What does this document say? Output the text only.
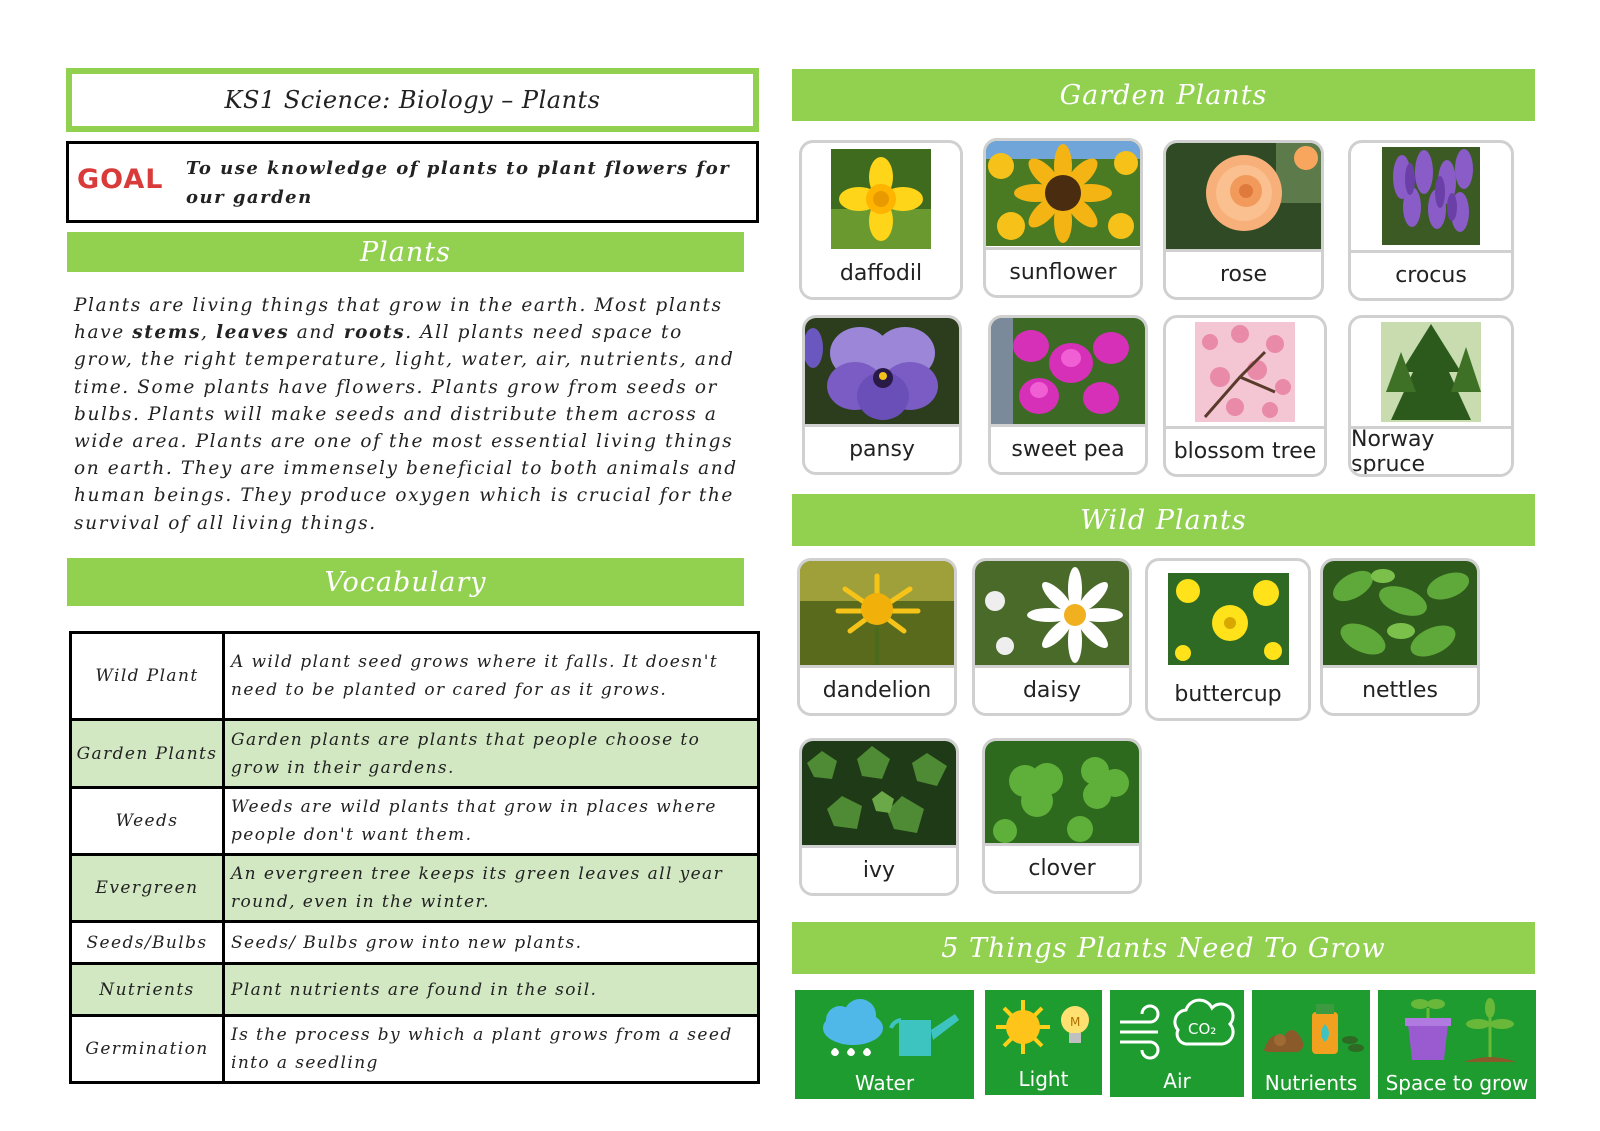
KS1 Science: Biology – Plants
GOAL To use knowledge of plants to plant flowers for our garden
Plants
Plants are living things that grow in the earth. Most plants have stems, leaves and roots. All plants need space to grow, the right temperature, light, water, air, nutrients, and time. Some plants have flowers. Plants grow from seeds or bulbs. Plants will make seeds and distribute them across a wide area. Plants are one of the most essential living things on earth. They are immensely beneficial to both animals and human beings. They produce oxygen which is crucial for the survival of all living things.
Vocabulary
Wild Plant	A wild plant seed grows where it falls. It doesn't need to be planted or cared for as it grows.
Garden Plants	Garden plants are plants that people choose to grow in their gardens.
Weeds	Weeds are wild plants that grow in places where people don't want them.
Evergreen	An evergreen tree keeps its green leaves all year round, even in the winter.
Seeds/Bulbs	Seeds/ Bulbs grow into new plants.
Nutrients	Plant nutrients are found in the soil.
Germination	Is the process by which a plant grows from a seed into a seedling
Garden Plants
daffodil	sunflower	rose	crocus
pansy	sweet pea	blossom tree	Norway spruce
Wild Plants
dandelion	daisy	buttercup	nettles
ivy	clover
5 Things Plants Need To Grow
Water
M
Light
CO₂
Air	Nutrients	Space to grow
